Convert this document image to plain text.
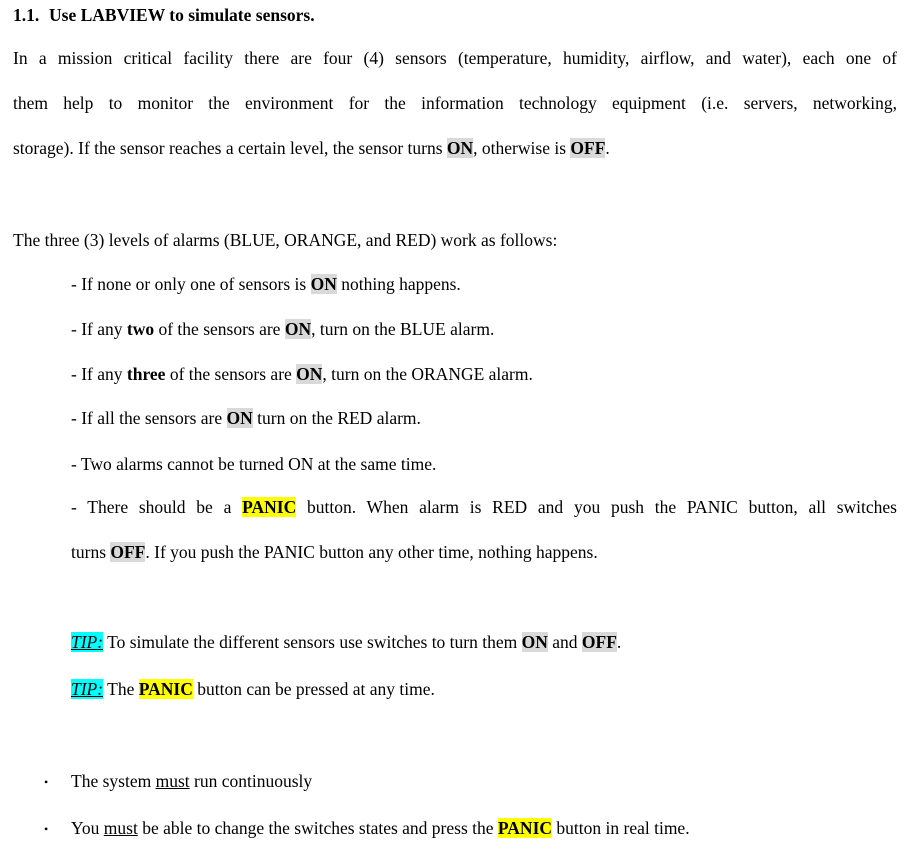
1.1. Use LABVIEW to simulate sensors.
In a mission critical facility there are four (4) sensors (temperature, humidity, airflow, and water), each one of
them help to monitor the environment for the information technology equipment (i.e. servers, networking,
storage). If the sensor reaches a certain level, the sensor turns ON, otherwise is OFF.
The three (3) levels of alarms (BLUE, ORANGE, and RED) work as follows:
- If none or only one of sensors is ON nothing happens.
- If any two of the sensors are ON, turn on the BLUE alarm.
- If any three of the sensors are ON, turn on the ORANGE alarm.
- If all the sensors are ON turn on the RED alarm.
- Two alarms cannot be turned ON at the same time.
- There should be a PANIC button. When alarm is RED and you push the PANIC button, all switches
turns OFF. If you push the PANIC button any other time, nothing happens.
TIP: To simulate the different sensors use switches to turn them ON and OFF.
TIP: The PANIC button can be pressed at any time.
• The system must run continuously
• You must be able to change the switches states and press the PANIC button in real time.
